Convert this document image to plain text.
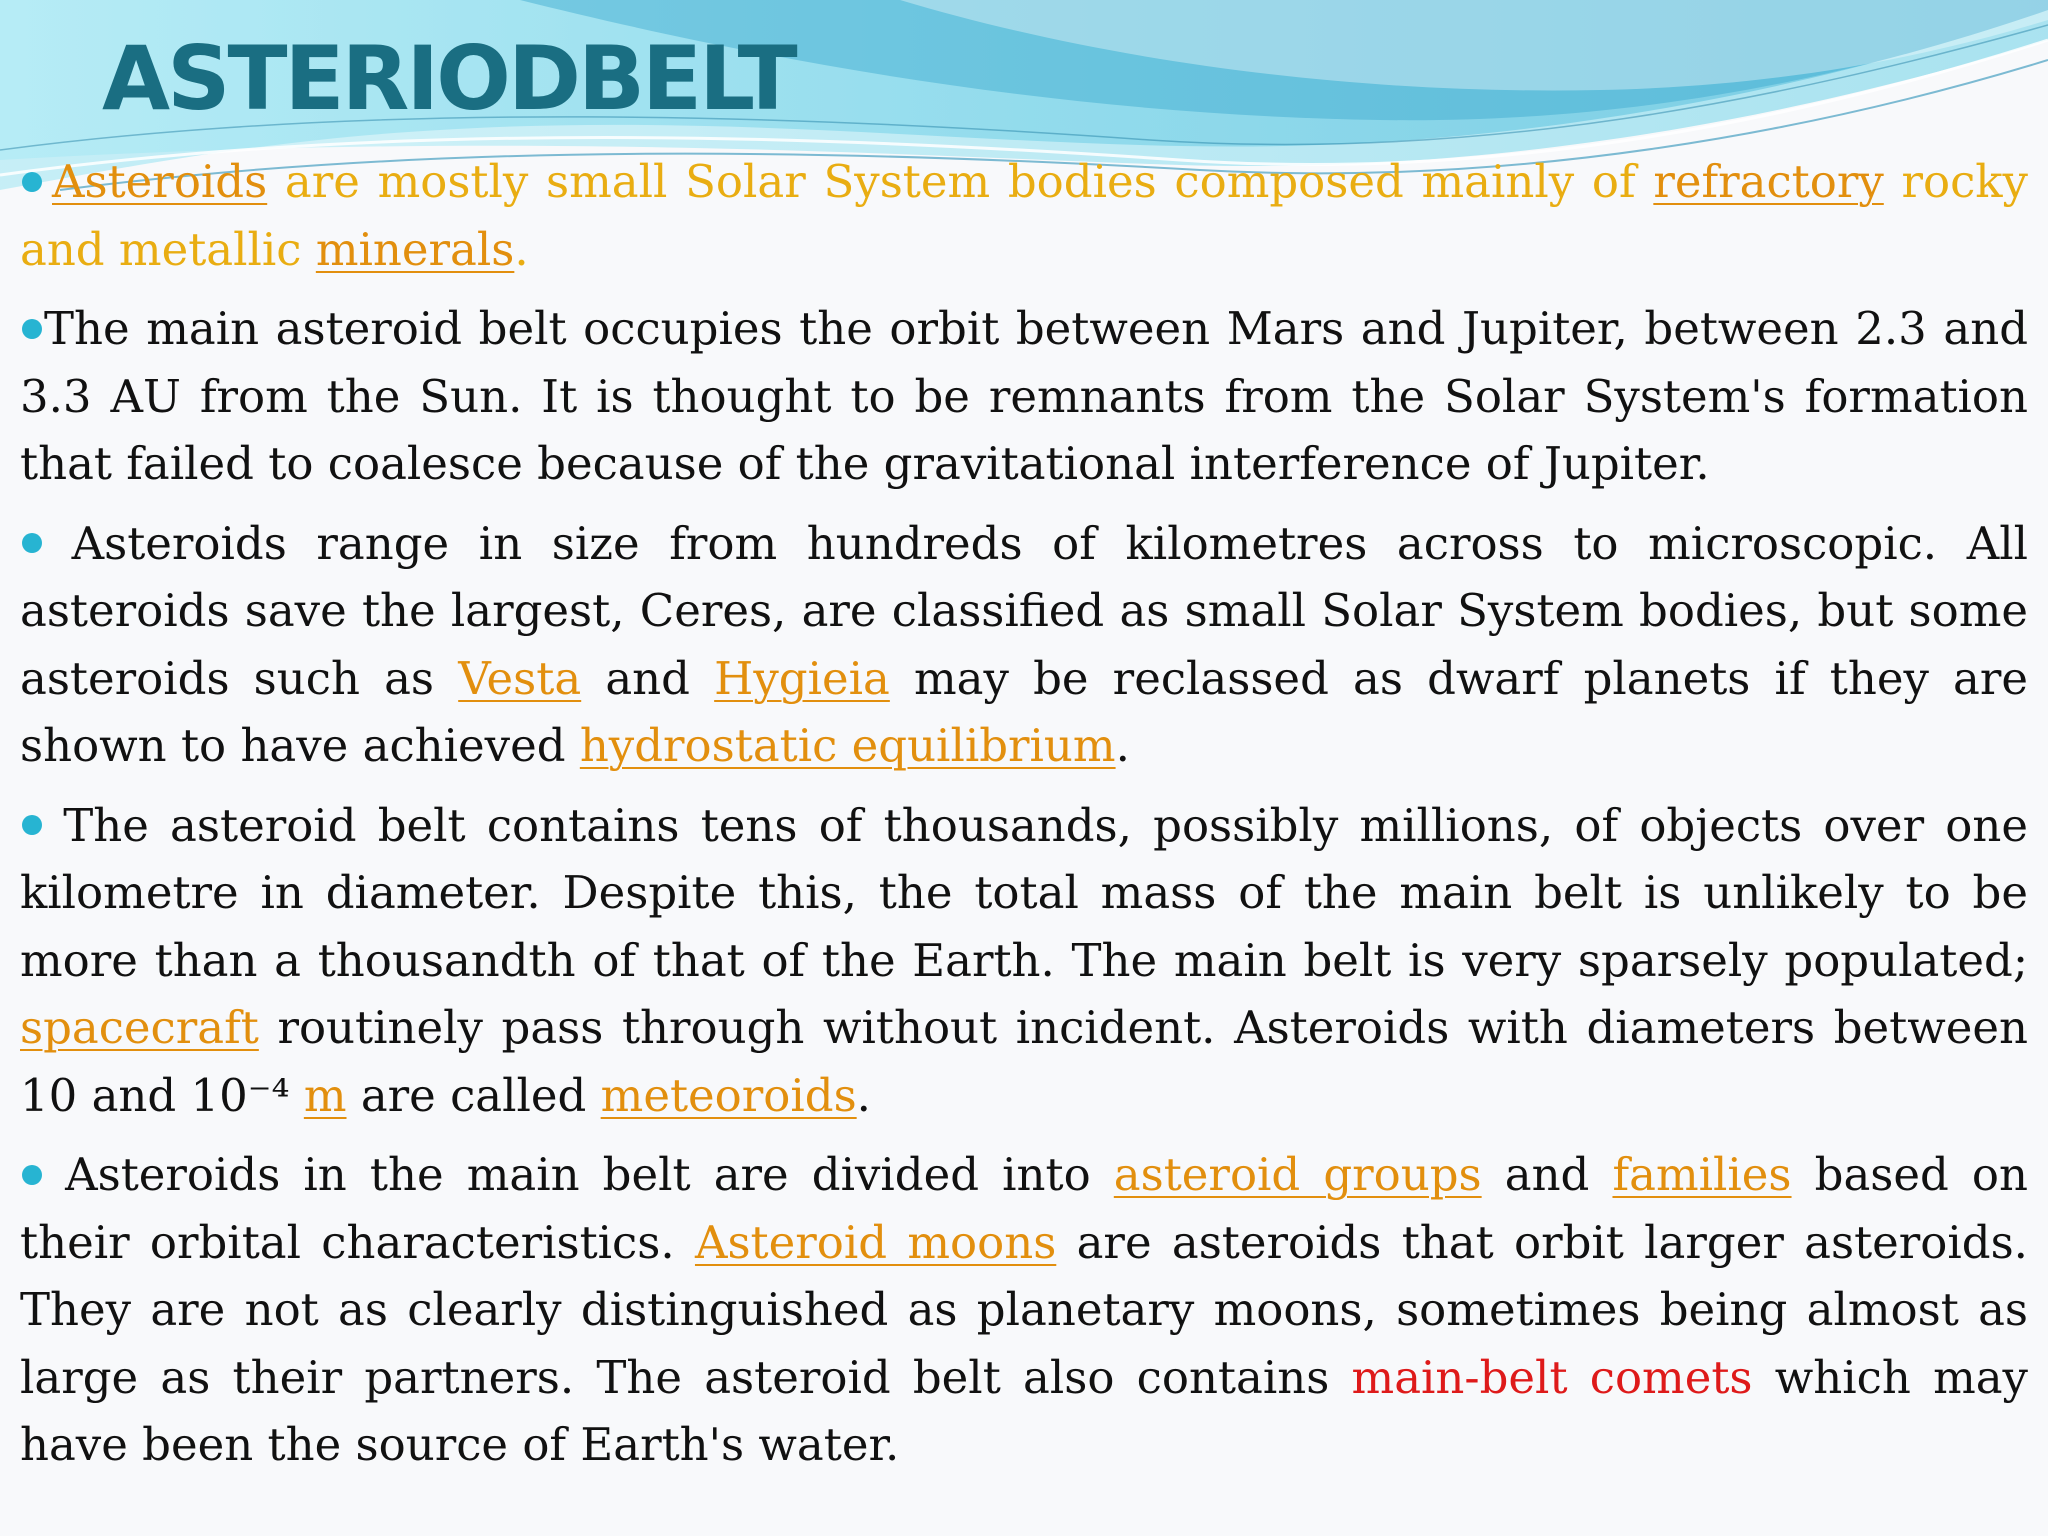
ASTERIODBELT

Asteroids are mostly small Solar System bodies composed mainly of refractory rocky and metallic minerals.

The main asteroid belt occupies the orbit between Mars and Jupiter, between 2.3 and 3.3 AU from the Sun. It is thought to be remnants from the Solar System's formation that failed to coalesce because of the gravitational interference of Jupiter.

Asteroids range in size from hundreds of kilometres across to microscopic. All asteroids save the largest, Ceres, are classified as small Solar System bodies, but some asteroids such as Vesta and Hygieia may be reclassed as dwarf planets if they are shown to have achieved hydrostatic equilibrium.

The asteroid belt contains tens of thousands, possibly millions, of objects over one kilometre in diameter. Despite this, the total mass of the main belt is unlikely to be more than a thousandth of that of the Earth. The main belt is very sparsely populated; spacecraft routinely pass through without incident. Asteroids with diameters between 10 and 10⁻⁴ m are called meteoroids.

Asteroids in the main belt are divided into asteroid groups and families based on their orbital characteristics. Asteroid moons are asteroids that orbit larger asteroids. They are not as clearly distinguished as planetary moons, sometimes being almost as large as their partners. The asteroid belt also contains main-belt comets which may have been the source of Earth's water.
